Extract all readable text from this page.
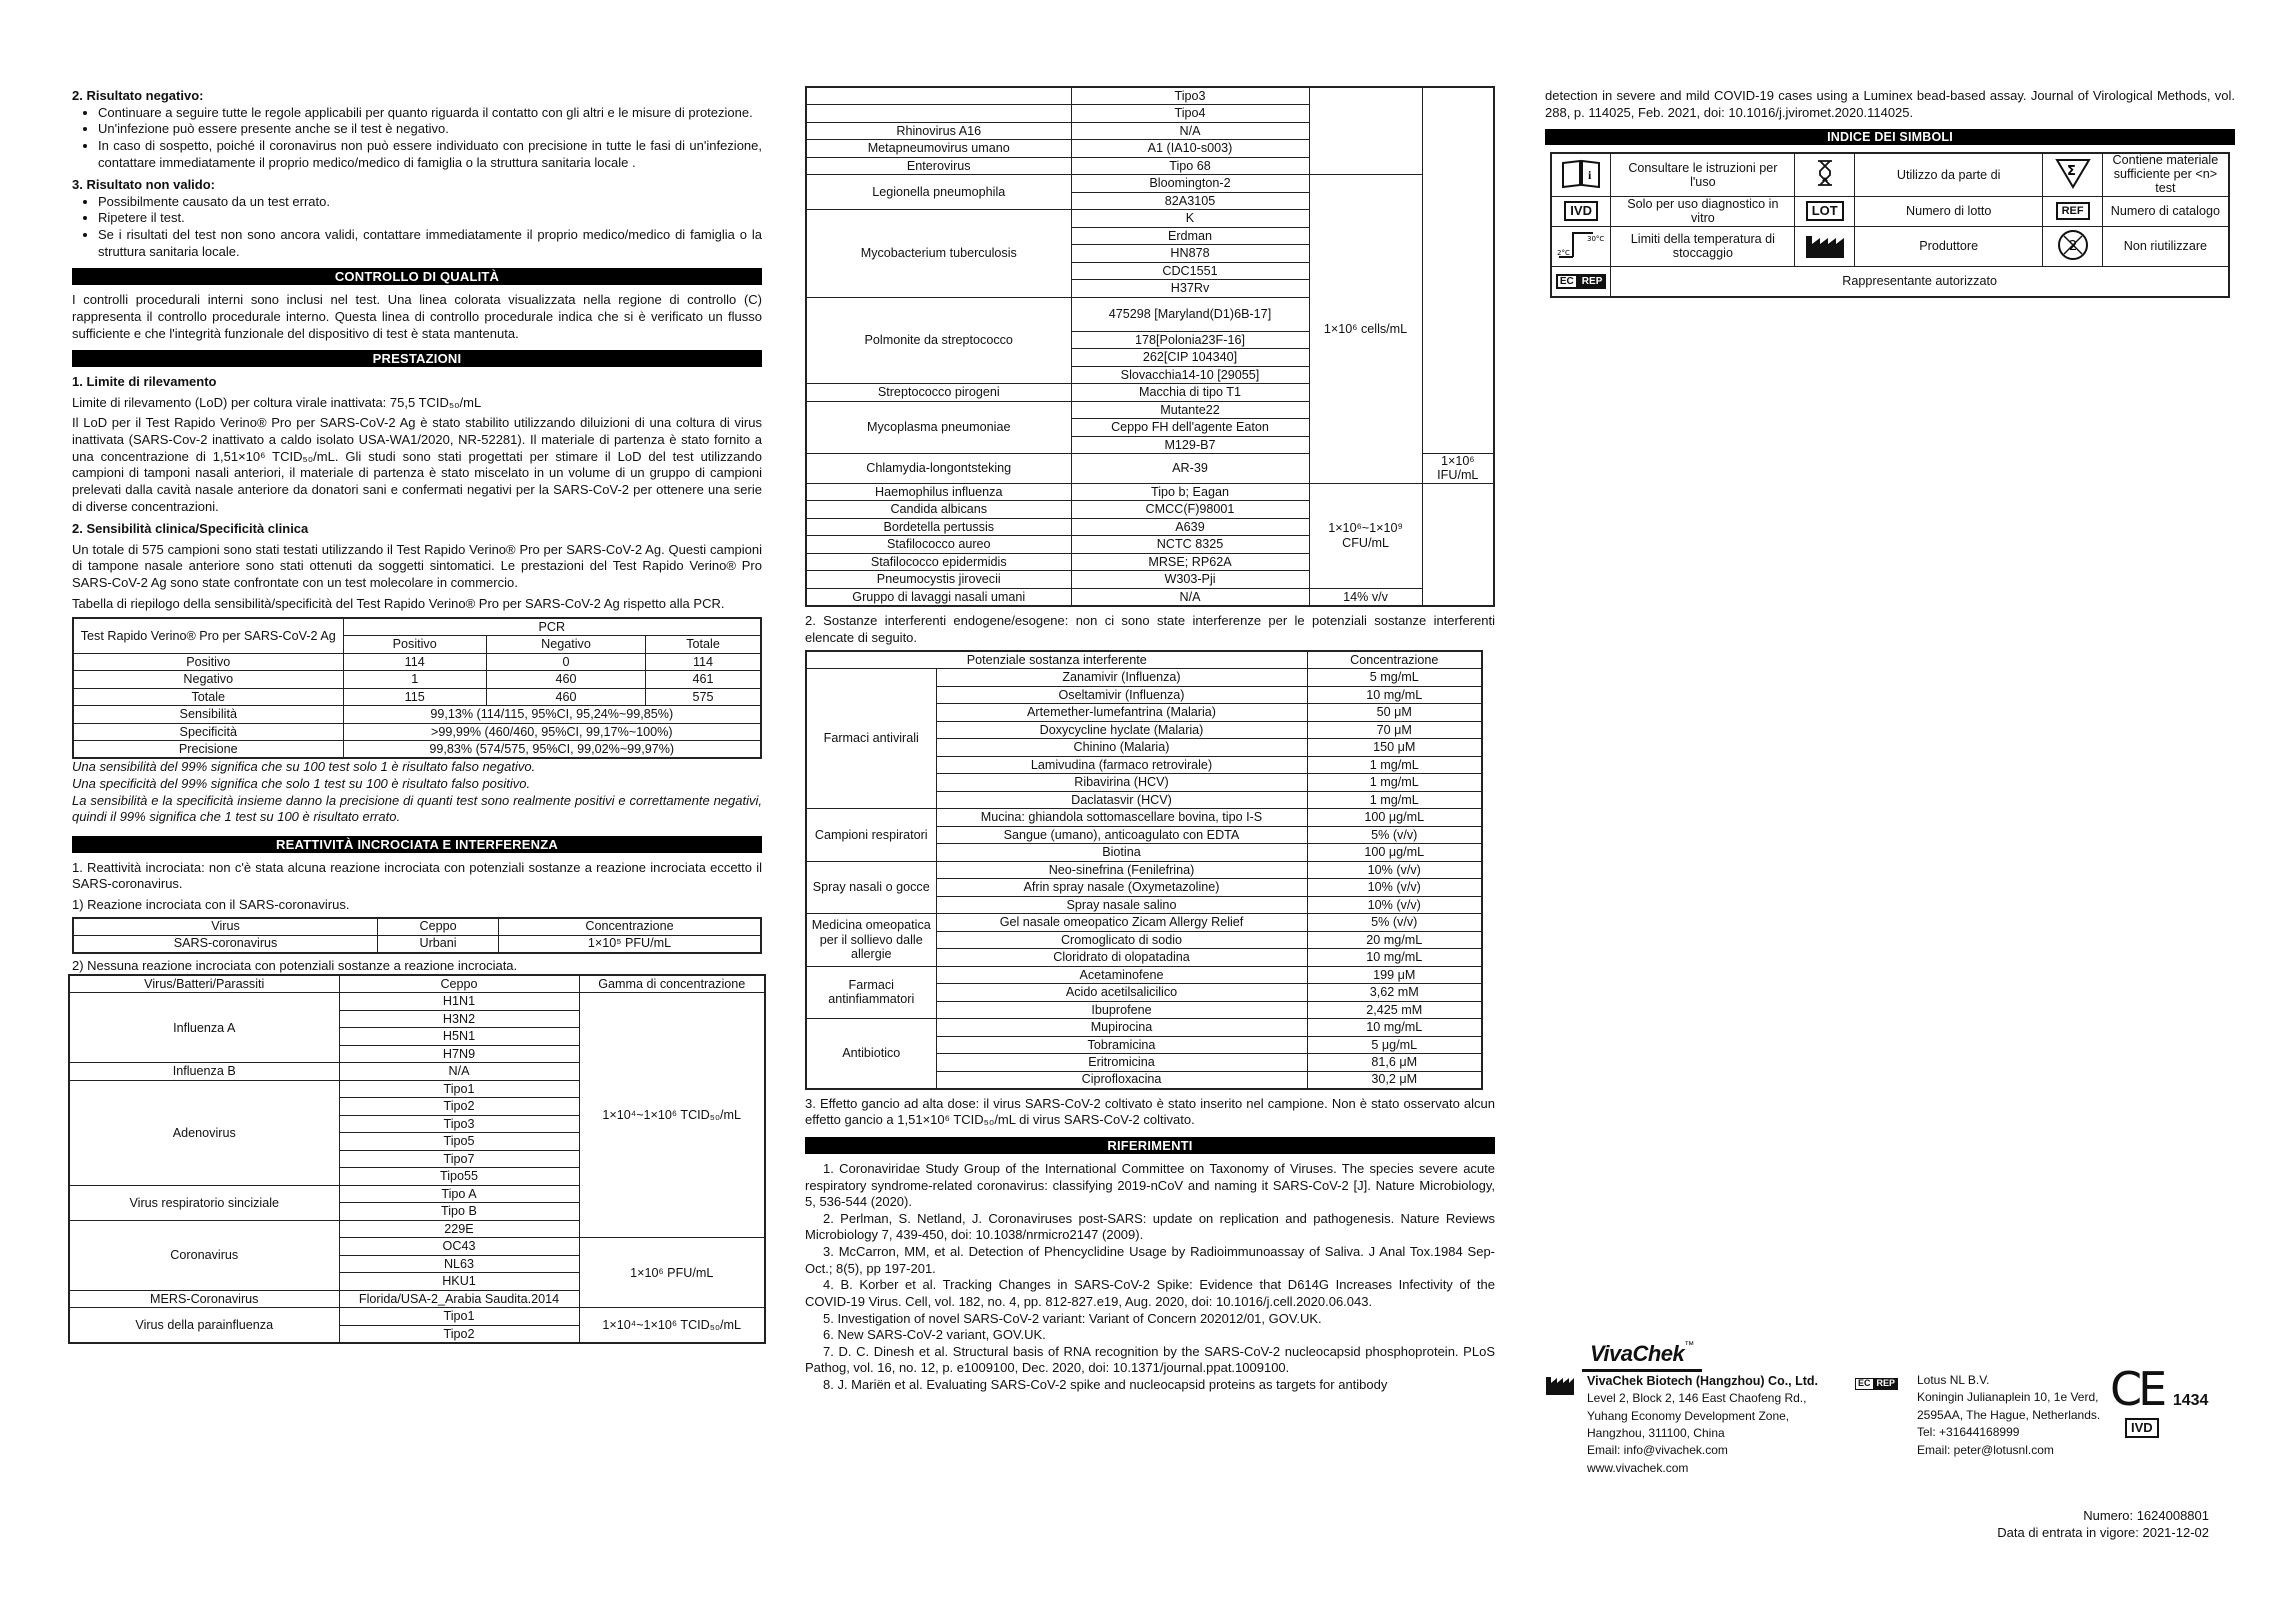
2. Risultato negativo:
• Continuare a seguire tutte le regole applicabili per quanto riguarda il contatto con gli altri e le misure di protezione.
• Un'infezione può essere presente anche se il test è negativo.
• In caso di sospetto, poiché il coronavirus non può essere individuato con precisione in tutte le fasi di un'infezione, contattare immediatamente il proprio medico/medico di famiglia o la struttura sanitaria locale .
3. Risultato non valido:
• Possibilmente causato da un test errato.
• Ripetere il test.
• Se i risultati del test non sono ancora validi, contattare immediatamente il proprio medico/medico di famiglia o la struttura sanitaria locale.
CONTROLLO DI QUALITÀ

I controlli procedurali interni sono inclusi nel test. Una linea colorata visualizzata nella regione di controllo (C) rappresenta il controllo procedurale interno. Questa linea di controllo procedurale indica che si è verificato un flusso sufficiente e che l'integrità funzionale del dispositivo di test è stata mantenuta.

PRESTAZIONI
1. Limite di rilevamento

Limite di rilevamento (LoD) per coltura virale inattivata: 75,5 TCID₅₀/mL

Il LoD per il Test Rapido Verino® Pro per SARS-CoV-2 Ag è stato stabilito utilizzando diluizioni di una coltura di virus inattivata (SARS-Cov-2 inattivato a caldo isolato USA-WA1/2020, NR-52281). Il materiale di partenza è stato fornito a una concentrazione di 1,51×10⁶ TCID₅₀/mL. Gli studi sono stati progettati per stimare il LoD del test utilizzando campioni di tamponi nasali anteriori, il materiale di partenza è stato miscelato in un volume di un gruppo di campioni prelevati dalla cavità nasale anteriore da donatori sani e confermati negativi per la SARS-CoV-2 per ottenere una serie di diverse concentrazioni.

2. Sensibilità clinica/Specificità clinica

Un totale di 575 campioni sono stati testati utilizzando il Test Rapido Verino® Pro per SARS-CoV-2 Ag. Questi campioni di tampone nasale anteriore sono stati ottenuti da soggetti sintomatici. Le prestazioni del Test Rapido Verino® Pro SARS-CoV-2 Ag sono state confrontate con un test molecolare in commercio.

Tabella di riepilogo della sensibilità/specificità del Test Rapido Verino® Pro per SARS-CoV-2 Ag rispetto alla PCR.

Test Rapido Verino® Pro per SARS-CoV-2 Ag	PCR		
	Positivo	Negativo	Totale
Positivo	114	0	114
Negativo	1	460	461
Totale	115	460	575
Sensibilità	99,13% (114/115, 95%CI, 95,24%~99,85%)		
Specificità	>99,99% (460/460, 95%CI, 99,17%~100%)		
Precisione	99,83% (574/575, 95%CI, 99,02%~99,97%)		

Una sensibilità del 99% significa che su 100 test solo 1 è risultato falso negativo.

Una specificità del 99% significa che solo 1 test su 100 è risultato falso positivo.

La sensibilità e la specificità insieme danno la precisione di quanti test sono realmente positivi e correttamente negativi, quindi il 99% significa che 1 test su 100 è risultato errato.

REATTIVITÀ INCROCIATA E INTERFERENZA

1. Reattività incrociata: non c'è stata alcuna reazione incrociata con potenziali sostanze a reazione incrociata eccetto il SARS-coronavirus.

1) Reazione incrociata con il SARS-coronavirus.

Virus	Ceppo	Concentrazione
SARS-coronavirus	Urbani	1×10⁵ PFU/mL

2) Nessuna reazione incrociata con potenziali sostanze a reazione incrociata.

Virus/Batteri/Parassiti	Ceppo	Gamma di concentrazione
Influenza A	H1N1	1×10⁴~1×10⁶ TCID₅₀/mL
	H3N2	
	H5N1	
	H7N9	
Influenza B	N/A	
Adenovirus	Tipo1	
	Tipo2	
	Tipo3	
	Tipo5	
	Tipo7	
	Tipo55	
Virus respiratorio sinciziale	Tipo A	
	Tipo B	
Coronavirus	229E	
	OC43	1×10⁶ PFU/mL
	NL63	
	HKU1	
MERS-Coronavirus	Florida/USA-2_Arabia Saudita.2014	
Virus della parainfluenza	Tipo1	1×10⁴~1×10⁶ TCID₅₀/mL
	Tipo2	
	Tipo3		
	Tipo4		
Rhinovirus A16	N/A		
Metapneumovirus umano	A1 (IA10-s003)		
Enterovirus	Tipo 68		
Legionella pneumophila	Bloomington-2	1×10⁶ cells/mL	
	82A3105		
Mycobacterium tuberculosis	K		
	Erdman		
	HN878		
	CDC1551		
	H37Rv		
Polmonite da streptococco	475298 [Maryland(D1)6B-17]		
	178[Polonia23F-16]		
	262[CIP 104340]		
	Slovacchia14-10 [29055]		
Streptococco pirogeni	Macchia di tipo T1		
Mycoplasma pneumoniae	Mutante22		
	Ceppo FH dell'agente Eaton		
	M129-B7		
Chlamydia-longontsteking	AR-39		1×10⁶ IFU/mL
Haemophilus influenza	Tipo b; Eagan	1×10⁶~1×10⁹ CFU/mL	
Candida albicans	CMCC(F)98001		
Bordetella pertussis	A639		
Stafilococco aureo	NCTC 8325		
Stafilococco epidermidis	MRSE; RP62A		
Pneumocystis jirovecii	W303-Pji		
Gruppo di lavaggi nasali umani	N/A	14% v/v	

2. Sostanze interferenti endogene/esogene: non ci sono state interferenze per le potenziali sostanze interferenti elencate di seguito.

Potenziale sostanza interferente		Concentrazione
Farmaci antivirali	Zanamivir (Influenza)	5 mg/mL
	Oseltamivir (Influenza)	10 mg/mL
	Artemether-lumefantrina (Malaria)	50 μM
	Doxycycline hyclate (Malaria)	70 μM
	Chinino (Malaria)	150 μM
	Lamivudina (farmaco retrovirale)	1 mg/mL
	Ribavirina (HCV)	1 mg/mL
	Daclatasvir (HCV)	1 mg/mL
Campioni respiratori	Mucina: ghiandola sottomascellare bovina, tipo I-S	100 μg/mL
	Sangue (umano), anticoagulato con EDTA	5% (v/v)
	Biotina	100 μg/mL
Spray nasali o gocce	Neo-sinefrina (Fenilefrina)	10% (v/v)
	Afrin spray nasale (Oxymetazoline)	10% (v/v)
	Spray nasale salino	10% (v/v)
Medicina omeopatica per il sollievo dalle allergie	Gel nasale omeopatico Zicam Allergy Relief	5% (v/v)
	Cromoglicato di sodio	20 mg/mL
	Cloridrato di olopatadina	10 mg/mL
Farmaci antinfiammatori	Acetaminofene	199 μM
	Acido acetilsalicilico	3,62 mM
	Ibuprofene	2,425 mM
Antibiotico	Mupirocina	10 mg/mL
	Tobramicina	5 μg/mL
	Eritromicina	81,6 μM
	Ciprofloxacina	30,2 μM

3. Effetto gancio ad alta dose: il virus SARS-CoV-2 coltivato è stato inserito nel campione. Non è stato osservato alcun effetto gancio a 1,51×10⁶ TCID₅₀/mL di virus SARS-CoV-2 coltivato.

RIFERIMENTI

1. Coronaviridae Study Group of the International Committee on Taxonomy of Viruses. The species severe acute respiratory syndrome-related coronavirus: classifying 2019-nCoV and naming it SARS-CoV-2 [J]. Nature Microbiology, 5, 536-544 (2020).

2. Perlman, S. Netland, J. Coronaviruses post-SARS: update on replication and pathogenesis. Nature Reviews Microbiology 7, 439-450, doi: 10.1038/nrmicro2147 (2009).

3. McCarron, MM, et al. Detection of Phencyclidine Usage by Radioimmunoassay of Saliva. J Anal Tox.1984 Sep-Oct.; 8(5), pp 197-201.

4. B. Korber et al. Tracking Changes in SARS-CoV-2 Spike: Evidence that D614G Increases Infectivity of the COVID-19 Virus. Cell, vol. 182, no. 4, pp. 812-827.e19, Aug. 2020, doi: 10.1016/j.cell.2020.06.043.

5. Investigation of novel SARS-CoV-2 variant: Variant of Concern 202012/01, GOV.UK.

6. New SARS-CoV-2 variant, GOV.UK.

7. D. C. Dinesh et al. Structural basis of RNA recognition by the SARS-CoV-2 nucleocapsid phosphoprotein. PLoS Pathog, vol. 16, no. 12, p. e1009100, Dec. 2020, doi: 10.1371/journal.ppat.1009100.

8. J. Mariën et al. Evaluating SARS-CoV-2 spike and nucleocapsid proteins as targets for antibody

detection in severe and mild COVID-19 cases using a Luminex bead-based assay. Journal of Virological Methods, vol. 288, p. 114025, Feb. 2021, doi: 10.1016/j.jviromet.2020.114025.

INDICE DEI SIMBOLI
i	Consultare le istruzioni per l'uso		Utilizzo da parte di	Σ	Contiene materiale sufficiente per <n> test
IVD	Solo per uso diagnostico in vitro	LOT	Numero di lotto	REF	Numero di catalogo

30°C
2°C	Limiti della temperatura di stoccaggio		Produttore	2	Non riutilizzare
EC REP	Rappresentante autorizzato				
VivaChek™
VivaChek Biotech (Hangzhou) Co., Ltd.
Level 2, Block 2, 146 East Chaofeng Rd.,
Yuhang Economy Development Zone,
Hangzhou, 311100, China
Email: info@vivachek.com
www.vivachek.com
EC REP Lotus NL B.V.
Koningin Julianaplein 10, 1e Verd,
2595AA, The Hague, Netherlands.
Tel: +31644168999
Email: peter@lotusnl.com
CE 1434
IVD
Numero: 1624008801
Data di entrata in vigore: 2021-12-02
